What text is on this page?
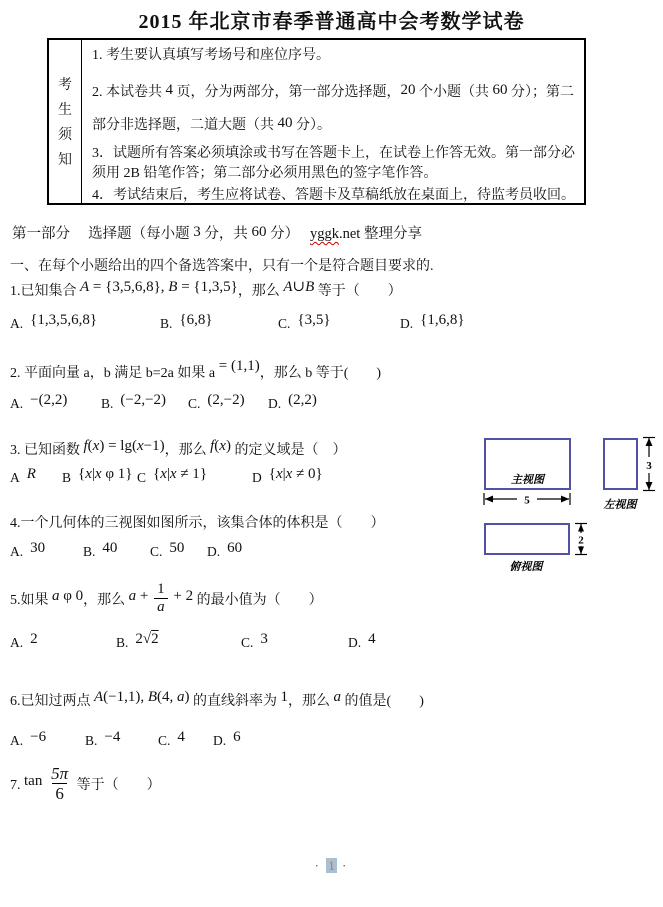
2015 年北京市春季普通高中会考数学试卷
考
生
须
知
1. 考生要认真填写考场号和座位序号。
2. 本试卷共 4 页，分为两部分，第一部分选择题，20 个小题（共 60 分）；第二部分非选择题，二道大题（共 40 分）。
3．试题所有答案必须填涂或书写在答题卡上，在试卷上作答无效。第一部分必须用 2B 铅笔作答；第二部分必须用黑色的签字笔作答。
4．考试结束后，考生应将试卷、答题卡及草稿纸放在桌面上，待监考员收回。
第一部分　 选择题（每小题 3 分，共 60 分）　 yggk.net 整理分享
一、在每个小题给出的四个备选答案中，只有一个是符合题目要求的.
1.已知集合 A = {3,5,6,8}, B = {1,3,5}，那么 A∪B 等于（　　）
A. {1,3,5,6,8}	B. {6,8}	C. {3,5}	D. {1,6,8}
2. 平面向量 a，b 满足 b=2a 如果 a = (1,1)，那么 b 等于(　　)
A. −(2,2)	B. (−2,−2)	C. (2,−2)	D. (2,2)
3. 已知函数 f(x) = lg(x−1)，那么 f(x) 的定义域是（　）
A R	B {x|x φ 1} C {x|x ≠ 1}	D {x|x ≠ 0}
4.一个几何体的三视图如图所示，该集合体的体积是（　　）
A. 30	B. 40	C. 50	D. 60
5.如果 a φ 0，那么 $a + \frac{1}{a} + 2$ 的最小值为（　　）
A. 2	B. 2√2	C. 3	D. 4
6.已知过两点 A(−1,1), B(4, a) 的直线斜率为 1，那么 a 的值是(　　)
A. −6	B. −4	C. 4	D. 6
7. $\tan \frac{5\pi}{6}$ 等于（　　）
主视图
5
3
左视图
2
俯视图
· 1 ·
